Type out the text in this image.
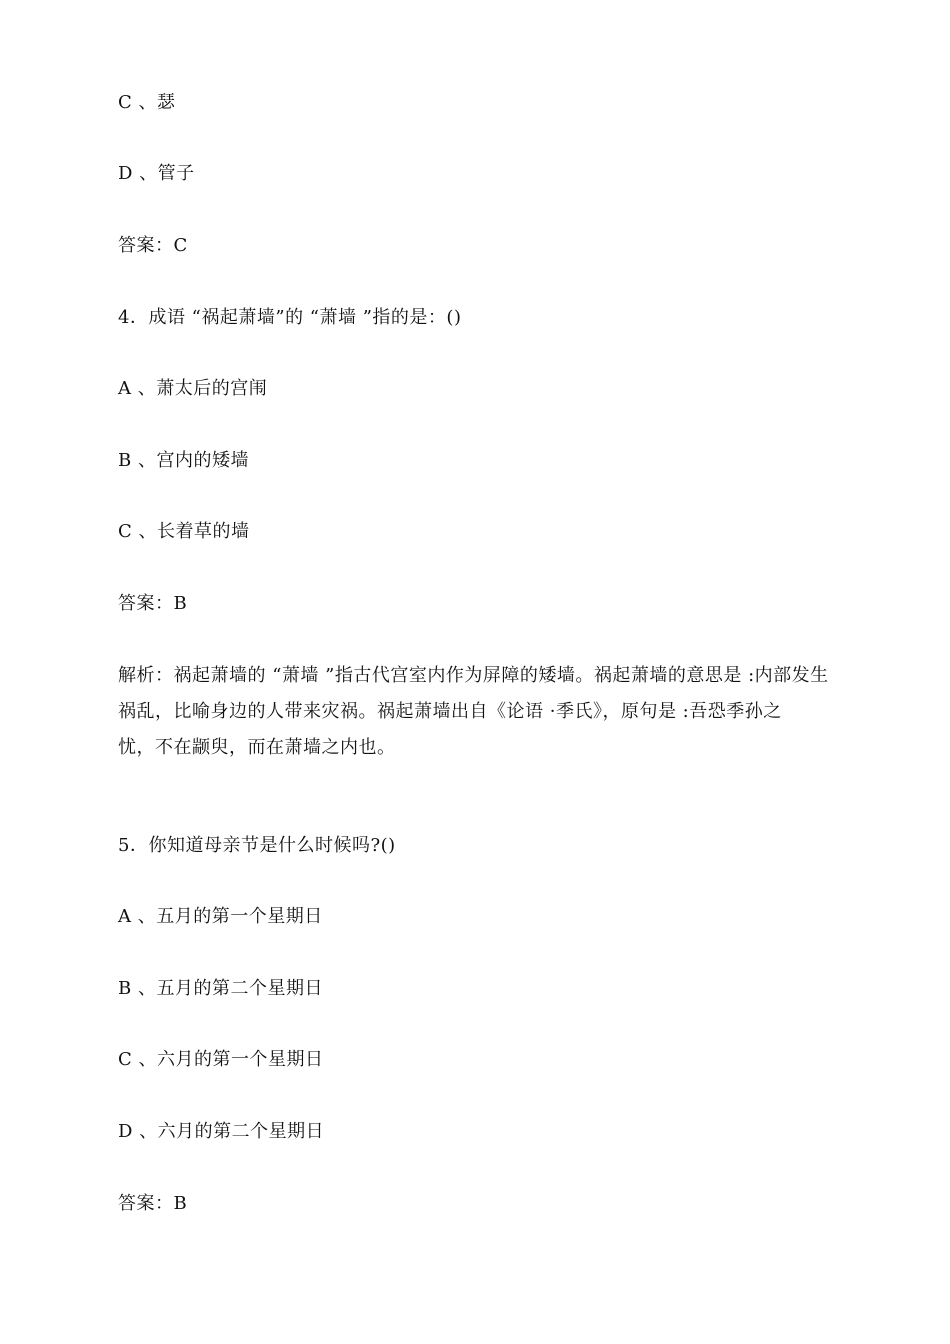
C 、瑟
D 、管子
答案：C
4．成语 “祸起萧墙”的 “萧墙 ”指的是：()
A 、萧太后的宫闱
B 、宫内的矮墙
C 、长着草的墙
答案：B
解析：祸起萧墙的 “萧墙 ”指古代宫室内作为屏障的矮墙。祸起萧墙的意思是 :内部发生
祸乱，比喻身边的人带来灾祸。祸起萧墙出自《论语 ·季氏》，原句是 :吾恐季孙之
忧，不在颛臾，而在萧墙之内也。
5．你知道母亲节是什么时候吗?()
A 、五月的第一个星期日
B 、五月的第二个星期日
C 、六月的第一个星期日
D 、六月的第二个星期日
答案：B
